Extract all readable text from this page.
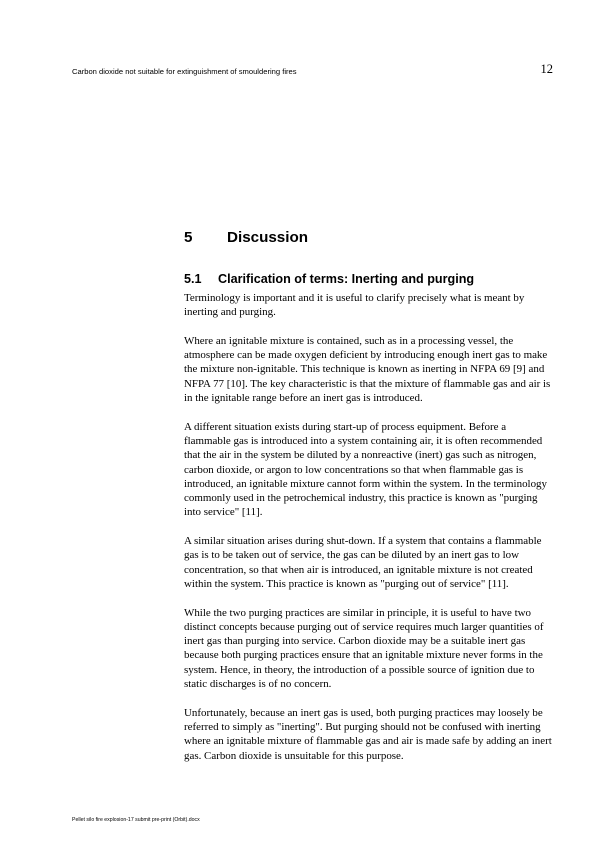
Carbon dioxide not suitable for extinguishment of smouldering fires	12
5 Discussion
5.1 Clarification of terms: Inerting and purging

Terminology is important and it is useful to clarify precisely what is meant by inerting and purging.

Where an ignitable mixture is contained, such as in a processing vessel, the atmosphere can be made oxygen deficient by introducing enough inert gas to make the mixture non-ignitable. This technique is known as inerting in NFPA 69 [9] and NFPA 77 [10]. The key characteristic is that the mixture of flammable gas and air is in the ignitable range before an inert gas is introduced.

A different situation exists during start-up of process equipment. Before a flammable gas is introduced into a system containing air, it is often recommended that the air in the system be diluted by a nonreactive (inert) gas such as nitrogen, carbon dioxide, or argon to low concentrations so that when flammable gas is introduced, an ignitable mixture cannot form within the system. In the terminology commonly used in the petrochemical industry, this practice is known as "purging into service" [11].

A similar situation arises during shut-down. If a system that contains a flammable gas is to be taken out of service, the gas can be diluted by an inert gas to low concentration, so that when air is introduced, an ignitable mixture is not created within the system. This practice is known as "purging out of service" [11].

While the two purging practices are similar in principle, it is useful to have two distinct concepts because purging out of service requires much larger quantities of inert gas than purging into service. Carbon dioxide may be a suitable inert gas because both purging practices ensure that an ignitable mixture never forms in the system. Hence, in theory, the introduction of a possible source of ignition due to static discharges is of no concern.

Unfortunately, because an inert gas is used, both purging practices may loosely be referred to simply as "inerting". But purging should not be confused with inerting where an ignitable mixture of flammable gas and air is made safe by adding an inert gas. Carbon dioxide is unsuitable for this purpose.

Pellet silo fire explosion-17 submit pre-print (Orbit).docx
